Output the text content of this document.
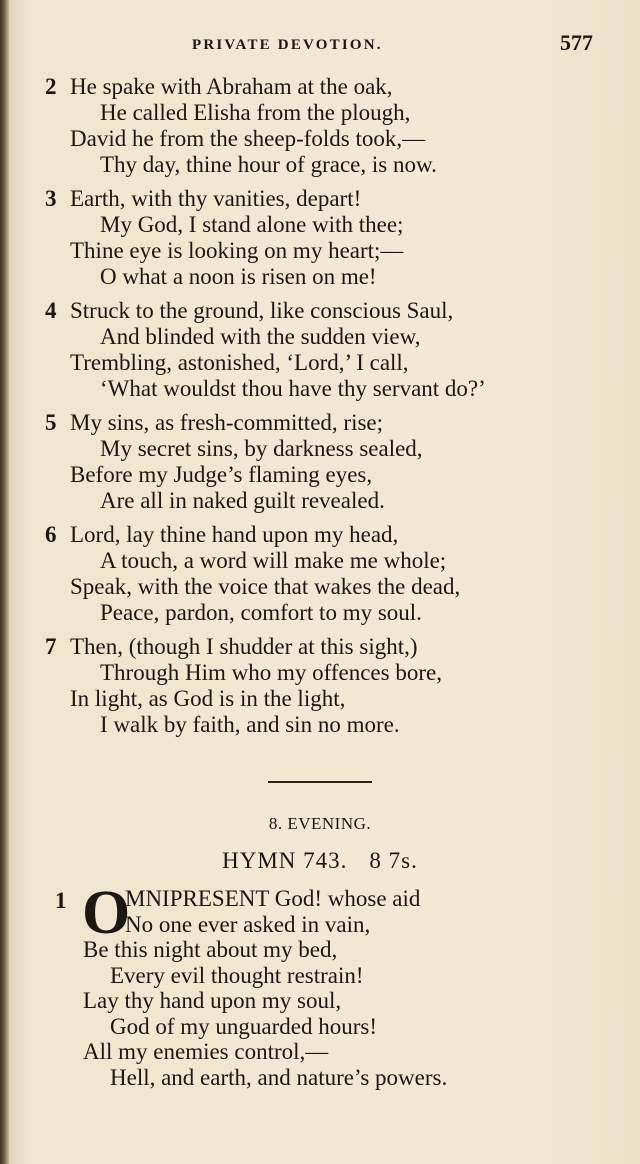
PRIVATE DEVOTION.	577
2 He spake with Abraham at the oak,
He called Elisha from the plough,
David he from the sheep-folds took,—
Thy day, thine hour of grace, is now.
3 Earth, with thy vanities, depart!
My God, I stand alone with thee;
Thine eye is looking on my heart;—
O what a noon is risen on me!
4 Struck to the ground, like conscious Saul,
And blinded with the sudden view,
Trembling, astonished, ‘Lord,’ I call,
‘What wouldst thou have thy servant do?’
5 My sins, as fresh-committed, rise;
My secret sins, by darkness sealed,
Before my Judge’s flaming eyes,
Are all in naked guilt revealed.
6 Lord, lay thine hand upon my head,
A touch, a word will make me whole;
Speak, with the voice that wakes the dead,
Peace, pardon, comfort to my soul.
7 Then, (though I shudder at this sight,)
Through Him who my offences bore,
In light, as God is in the light,
I walk by faith, and sin no more.
8. EVENING.
HYMN 743. 8 7s.
1 O
MNIPRESENT God! whose aid
No one ever asked in vain,
Be this night about my bed,
Every evil thought restrain!
Lay thy hand upon my soul,
God of my unguarded hours!
All my enemies control,—
Hell, and earth, and nature’s powers.
